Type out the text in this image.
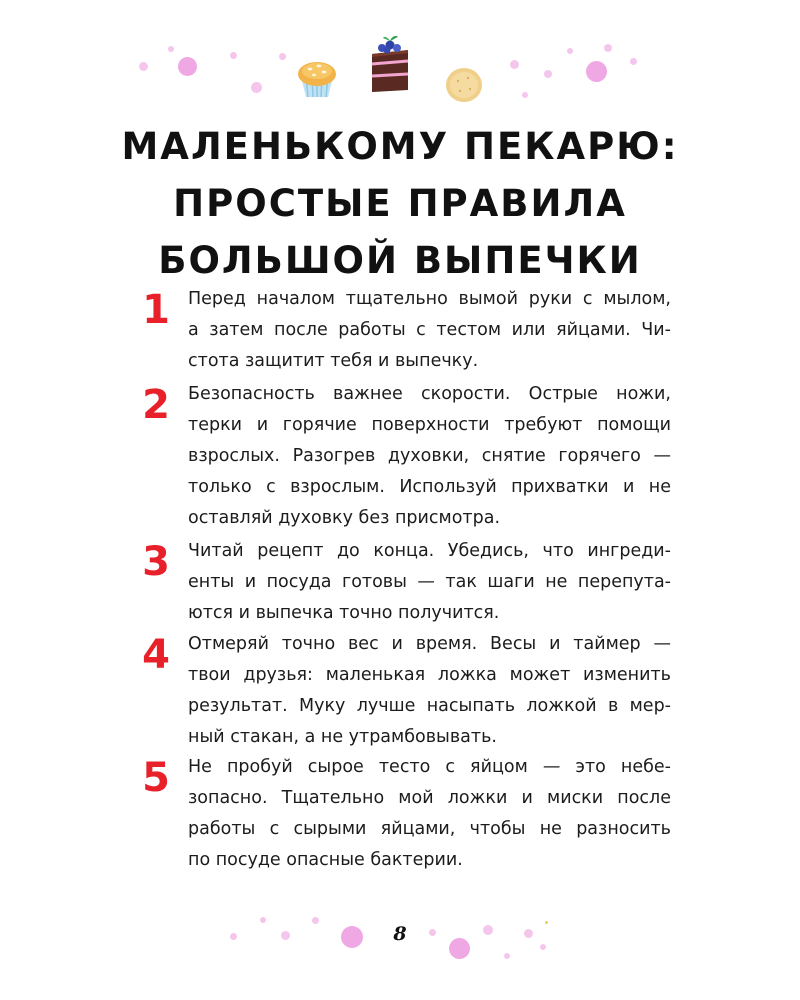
МАЛЕНЬКОМУ ПЕКАРЮ:
ПРОСТЫЕ ПРАВИЛА
БОЛЬШОЙ ВЫПЕЧКИ
1	Перед началом тщательно вымой руки с мылом,
а затем после работы с тестом или яйцами. Чи-
стота защитит тебя и выпечку.
2	Безопасность важнее скорости. Острые ножи,
терки и горячие поверхности требуют помощи
взрослых. Разогрев духовки, снятие горячего —
только с взрослым. Используй прихватки и не
оставляй духовку без присмотра.
3	Читай рецепт до конца. Убедись, что ингреди-
енты и посуда готовы — так шаги не перепута-
ются и выпечка точно получится.
4	Отмеряй точно вес и время. Весы и таймер —
твои друзья: маленькая ложка может изменить
результат. Муку лучше насыпать ложкой в мер-
ный стакан, а не утрамбовывать.
5	Не пробуй сырое тесто с яйцом — это небе-
зопасно. Тщательно мой ложки и миски после
работы с сырыми яйцами, чтобы не разносить
по посуде опасные бактерии.
8
